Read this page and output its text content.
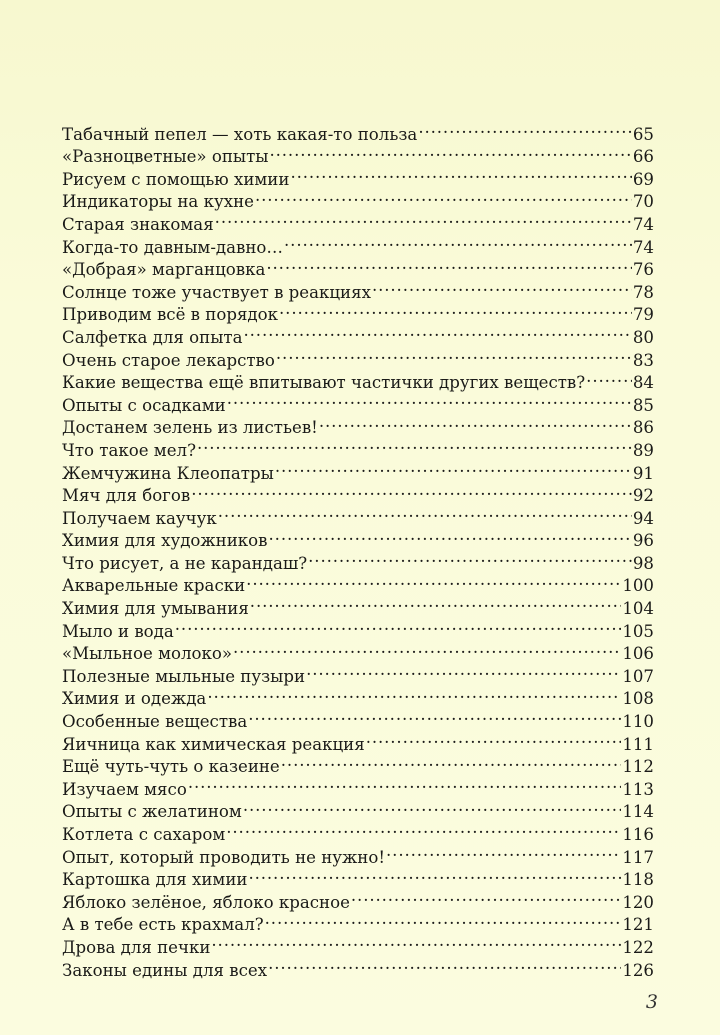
Табачный пепел — хоть какая-то польза . . .	65
«Разноцветные» опыты . . .	66
Рисуем с помощью химии . . .	69
Индикаторы на кухне . . .	70
Старая знакомая . . .	74
Когда-то давным-давно… . . .	74
«Добрая» марганцовка . . .	76
Солнце тоже участвует в реакциях . . .	78
Приводим всё в порядок . . .	79
Салфетка для опыта . . .	80
Очень старое лекарство . . .	83
Какие вещества ещё впитывают частички других веществ? . . .	84
Опыты с осадками . . .	85
Достанем зелень из листьев! . . .	86
Что такое мел? . . .	89
Жемчужина Клеопатры . . .	91
Мяч для богов . . .	92
Получаем каучук . . .	94
Химия для художников . . .	96
Что рисует, а не карандаш? . . .	98
Акварельные краски . . .	100
Химия для умывания . . .	104
Мыло и вода . . .	105
«Мыльное молоко» . . .	106
Полезные мыльные пузыри . . .	107
Химия и одежда . . .	108
Особенные вещества . . .	110
Яичница как химическая реакция . . .	111
Ещё чуть-чуть о казеине . . .	112
Изучаем мясо . . .	113
Опыты с желатином . . .	114
Котлета с сахаром . . .	116
Опыт, который проводить не нужно! . . .	117
Картошка для химии . . .	118
Яблоко зелёное, яблоко красное . . .	120
А в тебе есть крахмал? . . .	121
Дрова для печки . . .	122
Законы едины для всех . . .	126
3
